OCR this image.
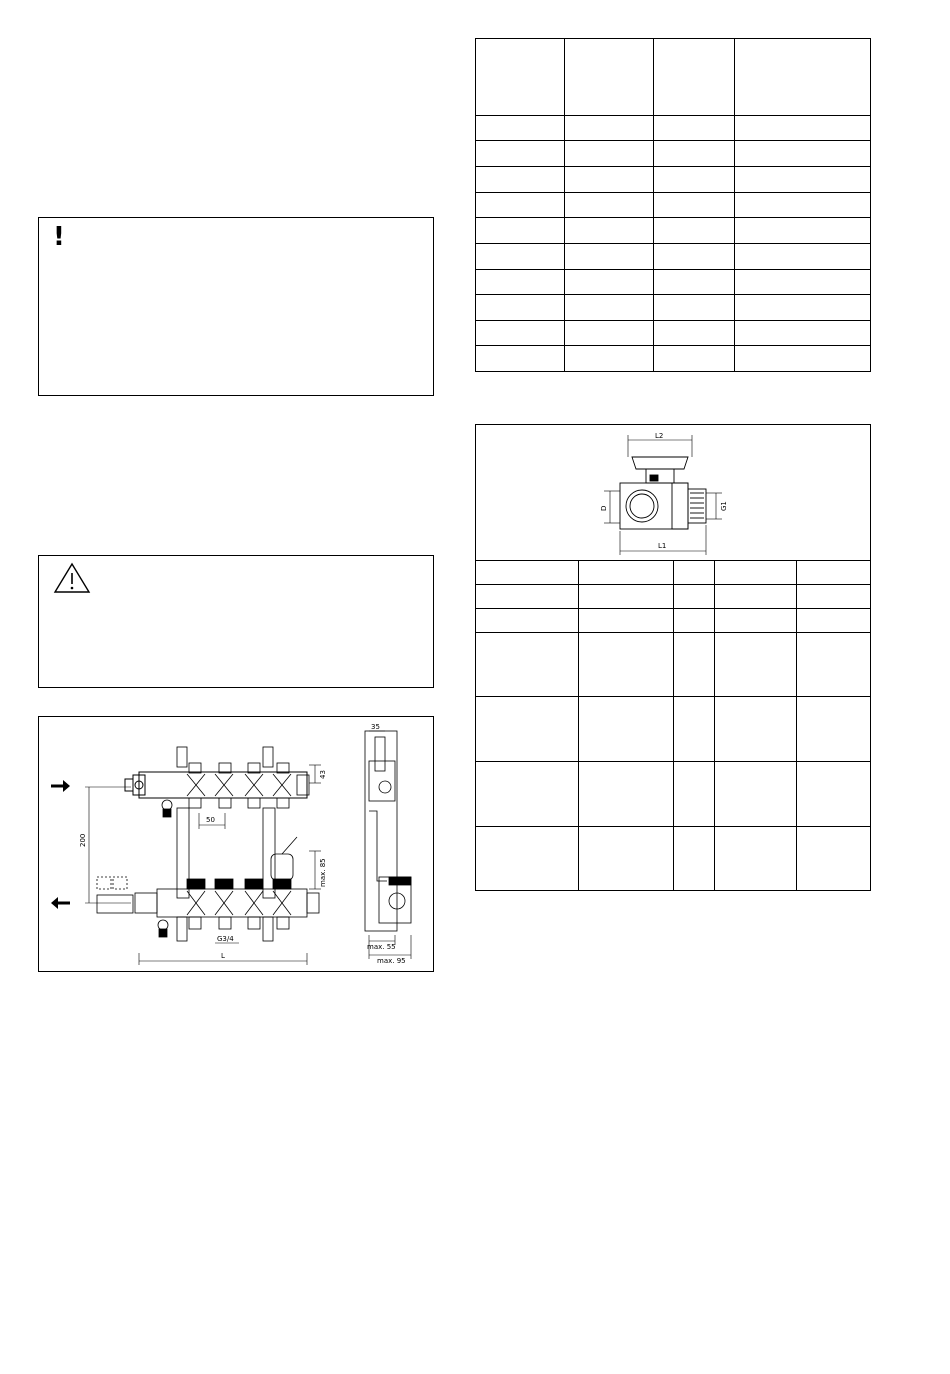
!
200
50
43
max. 85
G3/4
L
35
max. 55
max. 95

L2
D	G1
L1
